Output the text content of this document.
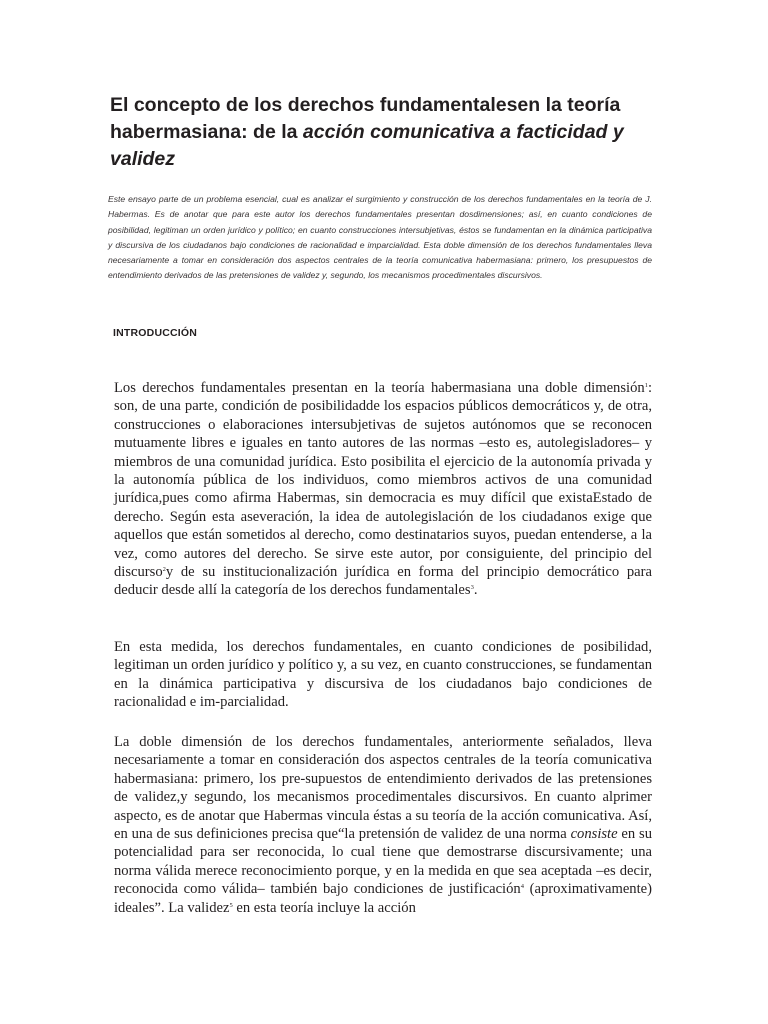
El concepto de los derechos fundamentalesen la teoría habermasiana: de la acción comunicativa a facticidad y validez

Este ensayo parte de un problema esencial, cual es analizar el surgimiento y construcción de los derechos fundamentales en la teoría de J. Habermas. Es de anotar que para este autor los derechos fundamentales presentan dosdimensiones; así, en cuanto condiciones de posibilidad, legitiman un orden jurídico y político; en cuanto construcciones intersubjetivas, éstos se fundamentan en la dinámica participativa y discursiva de los ciudadanos bajo condiciones de racionalidad e imparcialidad. Esta doble dimensión de los derechos fundamentales lleva necesariamente a tomar en consideración dos aspectos centrales de la teoría comunicativa habermasiana: primero, los presupuestos de entendimiento derivados de las pretensiones de validez y, segundo, los mecanismos procedimentales discursivos.

INTRODUCCIÓN

Los derechos fundamentales presentan en la teoría habermasiana una doble dimensión$^1$: son, de una parte, condición de posibilidadde los espacios públicos democráticos y, de otra, construcciones o elaboraciones intersubjetivas de sujetos autónomos que se reconocen mutuamente libres e iguales en tanto autores de las normas –esto es, autolegisladores– y miembros de una comunidad jurídica. Esto posibilita el ejercicio de la autonomía privada y la autonomía pública de los individuos, como miembros activos de una comunidad jurídica,pues como afirma Habermas, sin democracia es muy difícil que existaEstado de derecho. Según esta aseveración, la idea de autolegislación de los ciudadanos exige que aquellos que están sometidos al derecho, como destinatarios suyos, puedan entenderse, a la vez, como autores del derecho. Se sirve este autor, por consiguiente, del principio del discurso$^2$y de su institucionalización jurídica en forma del principio democrático para deducir desde allí la categoría de los derechos fundamentales$^3$.

En esta medida, los derechos fundamentales, en cuanto condiciones de posibilidad, legitiman un orden jurídico y político y, a su vez, en cuanto construcciones, se fundamentan en la dinámica participativa y discursiva de los ciudadanos bajo condiciones de racionalidad e im-parcialidad.

La doble dimensión de los derechos fundamentales, anteriormente señalados, lleva necesariamente a tomar en consideración dos aspectos centrales de la teoría comunicativa habermasiana: primero, los pre-supuestos de entendimiento derivados de las pretensiones de validez,y segundo, los mecanismos procedimentales discursivos. En cuanto alprimer aspecto, es de anotar que Habermas vincula éstas a su teoría de la acción comunicativa. Así, en una de sus definiciones precisa que“la pretensión de validez de una norma consiste en su potencialidad para ser reconocida, lo cual tiene que demostrarse discursivamente; una norma válida merece reconocimiento porque, y en la medida en que sea aceptada –es decir, reconocida como válida– también bajo condiciones de justificación$^4$ (aproximativamente) ideales”. La validez$^5$ en esta teoría incluye la acción
